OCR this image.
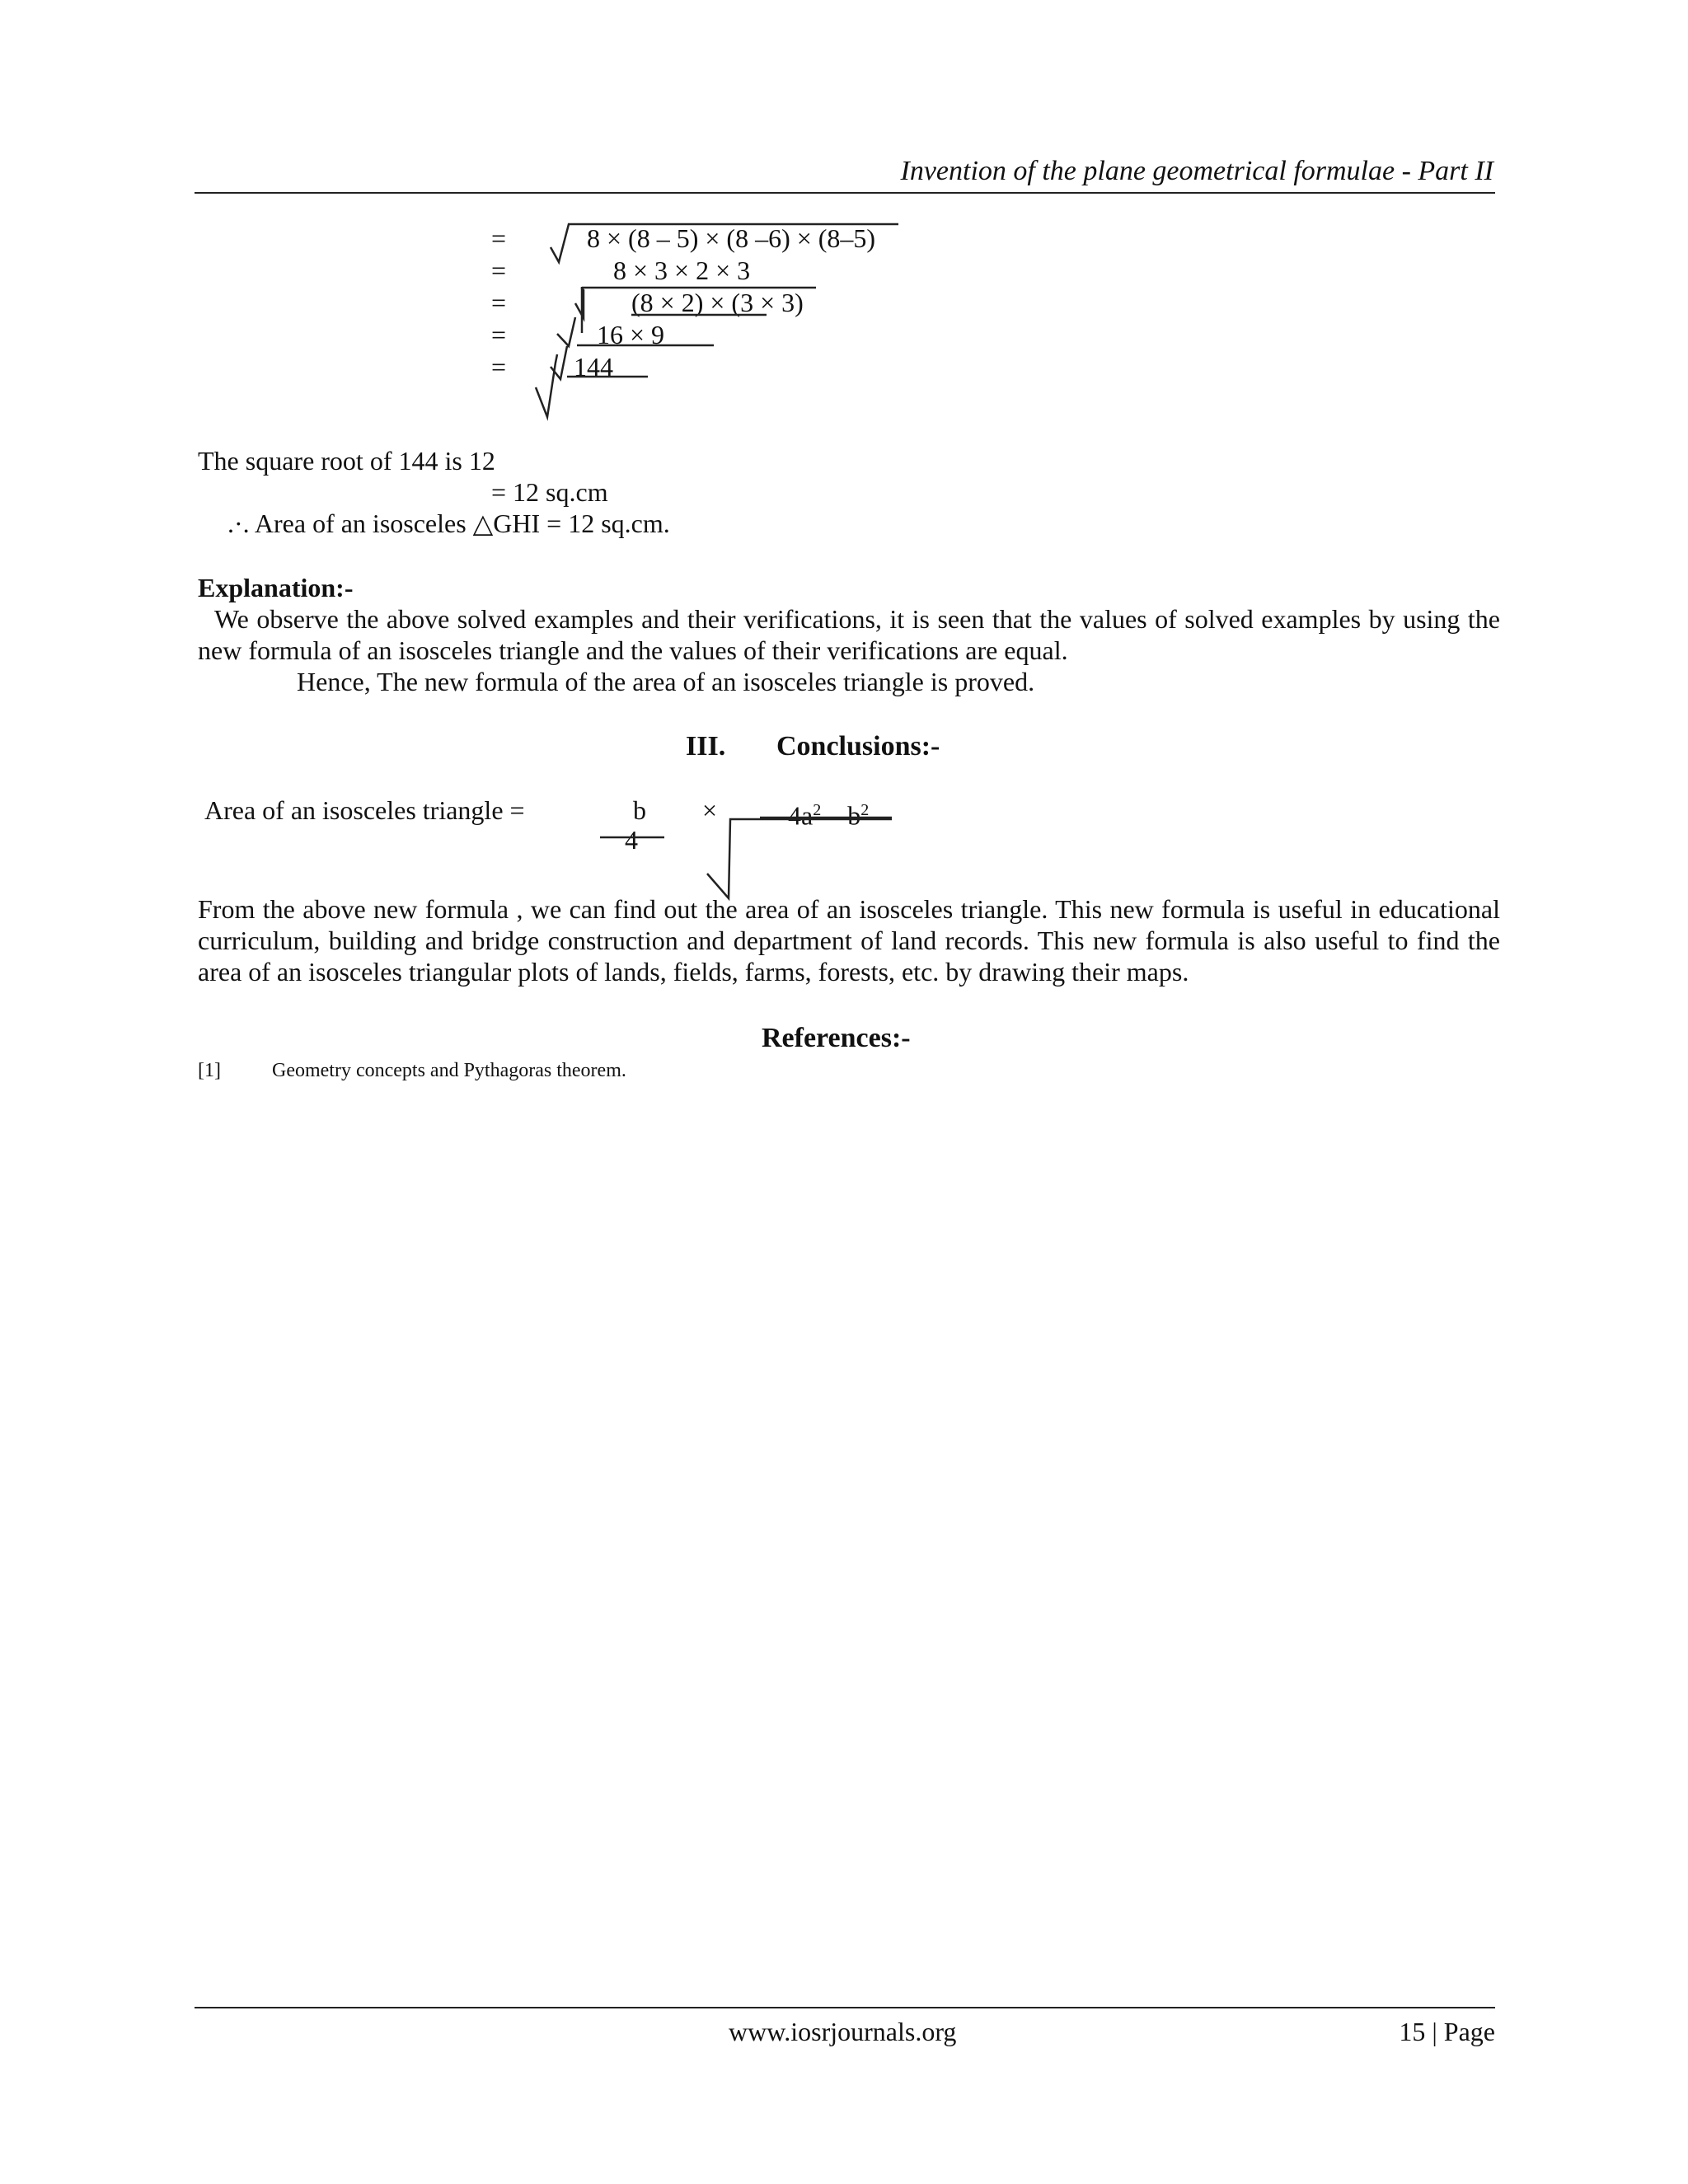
Invention of the plane geometrical formulae - Part II
=	8 × (8 – 5) × (8 –6) × (8–5)
=	8 × 3 × 2 × 3
=	(8 × 2) × (3 × 3)
=	16 × 9
=	144
The square root of 144 is 12
= 12 sq.cm
.·. Area of an isosceles △GHI = 12 sq.cm.
Explanation:-
We observe the above solved examples and their verifications, it is seen that the values of solved examples by using the new formula of an isosceles triangle and the values of their verifications are equal.
Hence, The new formula of the area of an isosceles triangle is proved.
III. Conclusions:-
Area of an isosceles triangle =	b
4
×	$4a^2 - b^2$
From the above new formula , we can find out the area of an isosceles triangle. This new formula is useful in educational curriculum, building and bridge construction and department of land records. This new formula is also useful to find the area of an isosceles triangular plots of lands, fields, farms, forests, etc. by drawing their maps.
References:-
[1]	Geometry concepts and Pythagoras theorem.
www.iosrjournals.org	15 | Page
